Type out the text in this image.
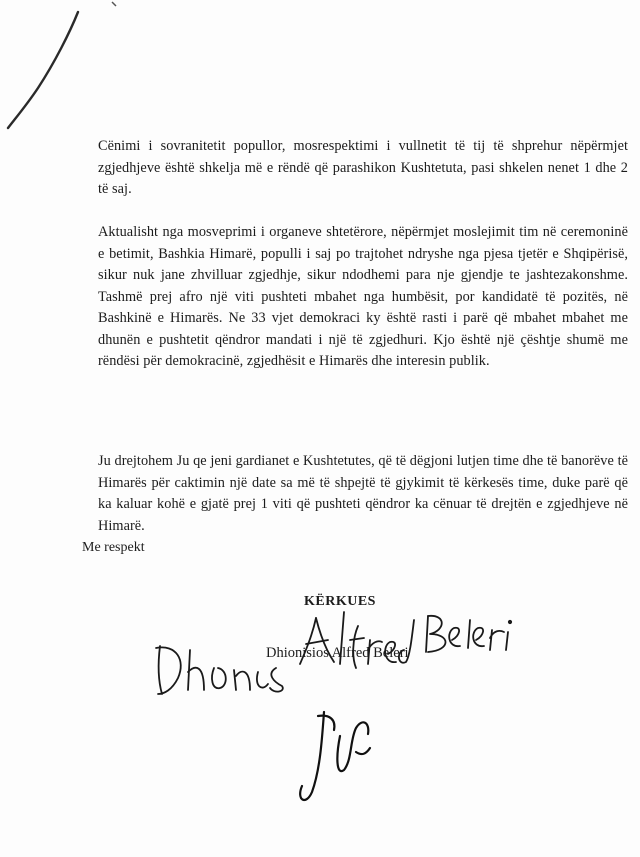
Cënimi i sovranitetit popullor, mosrespektimi i vullnetit të tij të shprehur nëpërmjet zgjedhjeve është shkelja më e rëndë që parashikon Kushtetuta, pasi shkelen nenet 1 dhe 2 të saj.

Aktualisht nga mosveprimi i organeve shtetërore, nëpërmjet moslejimit tim në ceremoninë e betimit, Bashkia Himarë, populli i saj po trajtohet ndryshe nga pjesa tjetër e Shqipërisë, sikur nuk jane zhvilluar zgjedhje, sikur ndodhemi para nje gjendje te jashtezakonshme. Tashmë prej afro një viti pushteti mbahet nga humbësit, por kandidatë të pozitës, në Bashkinë e Himarës. Ne 33 vjet demokraci ky është rasti i parë që mbahet mbahet me dhunën e pushtetit qëndror mandati i një të zgjedhuri. Kjo është një çështje shumë me rëndësi për demokracinë, zgjedhësit e Himarës dhe interesin publik.

Ju drejtohem Ju qe jeni gardianet e Kushtetutes, që të dëgjoni lutjen time dhe të banorëve të Himarës për caktimin një date sa më të shpejtë të gjykimit të kërkesës time, duke parë që ka kaluar kohë e gjatë prej 1 viti që pushteti qëndror ka cënuar të drejtën e zgjedhjeve në Himarë.

Me respekt
KËRKUES
Dhionisios Alfred Beleri
